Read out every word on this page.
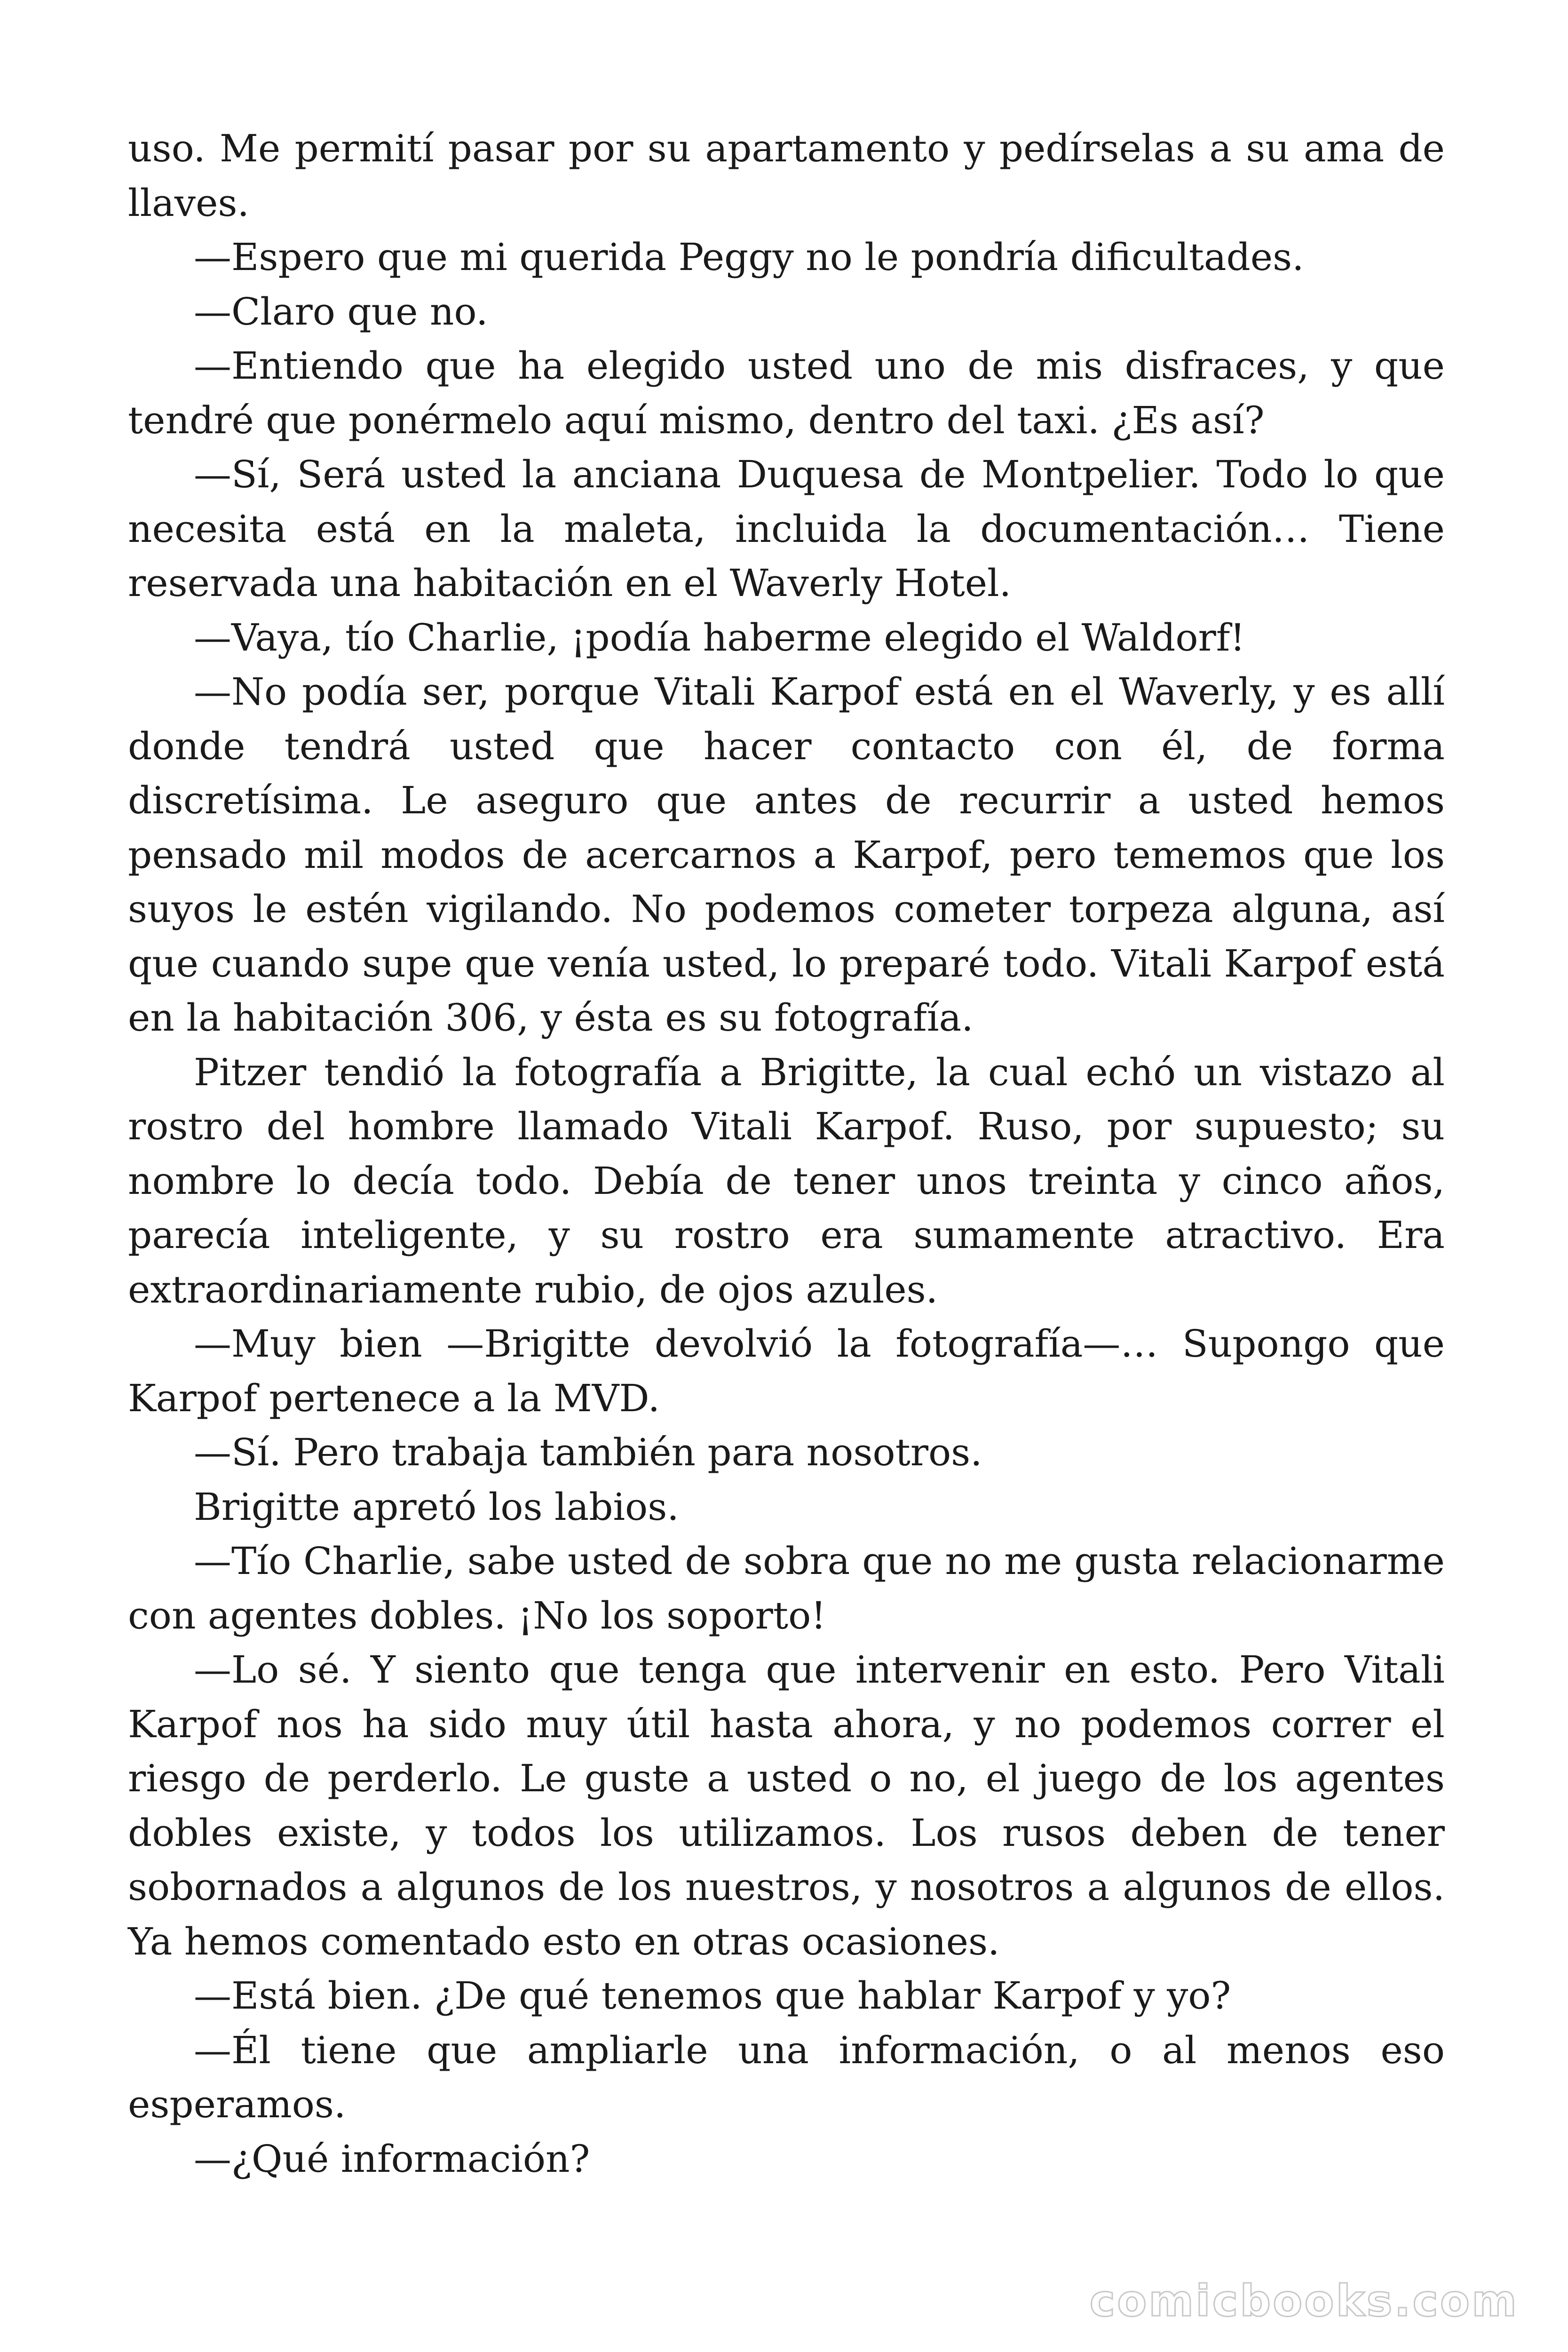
uso. Me permití pasar por su apartamento y pedírselas a su ama de llaves.

—Espero que mi querida Peggy no le pondría dificultades.

—Claro que no.

—Entiendo que ha elegido usted uno de mis disfraces, y que tendré que ponérmelo aquí mismo, dentro del taxi. ¿Es así?

—Sí, Será usted la anciana Duquesa de Montpelier. Todo lo que necesita está en la maleta, incluida la documentación… Tiene reservada una habitación en el Waverly Hotel.

—Vaya, tío Charlie, ¡podía haberme elegido el Waldorf!

—No podía ser, porque Vitali Karpof está en el Waverly, y es allí donde tendrá usted que hacer contacto con él, de forma discretísima. Le aseguro que antes de recurrir a usted hemos pensado mil modos de acercarnos a Karpof, pero tememos que los suyos le estén vigilando. No podemos cometer torpeza alguna, así que cuando supe que venía usted, lo preparé todo. Vitali Karpof está en la habitación 306, y ésta es su fotografía.

Pitzer tendió la fotografía a Brigitte, la cual echó un vistazo al rostro del hombre llamado Vitali Karpof. Ruso, por supuesto; su nombre lo decía todo. Debía de tener unos treinta y cinco años, parecía inteligente, y su rostro era sumamente atractivo. Era extraordinariamente rubio, de ojos azules.

—Muy bien —Brigitte devolvió la fotografía—… Supongo que Karpof pertenece a la MVD.

—Sí. Pero trabaja también para nosotros.

Brigitte apretó los labios.

—Tío Charlie, sabe usted de sobra que no me gusta relacionarme con agentes dobles. ¡No los soporto!

—Lo sé. Y siento que tenga que intervenir en esto. Pero Vitali Karpof nos ha sido muy útil hasta ahora, y no podemos correr el riesgo de perderlo. Le guste a usted o no, el juego de los agentes dobles existe, y todos los utilizamos. Los rusos deben de tener sobornados a algunos de los nuestros, y nosotros a algunos de ellos. Ya hemos comentado esto en otras ocasiones.

—Está bien. ¿De qué tenemos que hablar Karpof y yo?

—Él tiene que ampliarle una información, o al menos eso esperamos.

—¿Qué información?

comicbooks.com
